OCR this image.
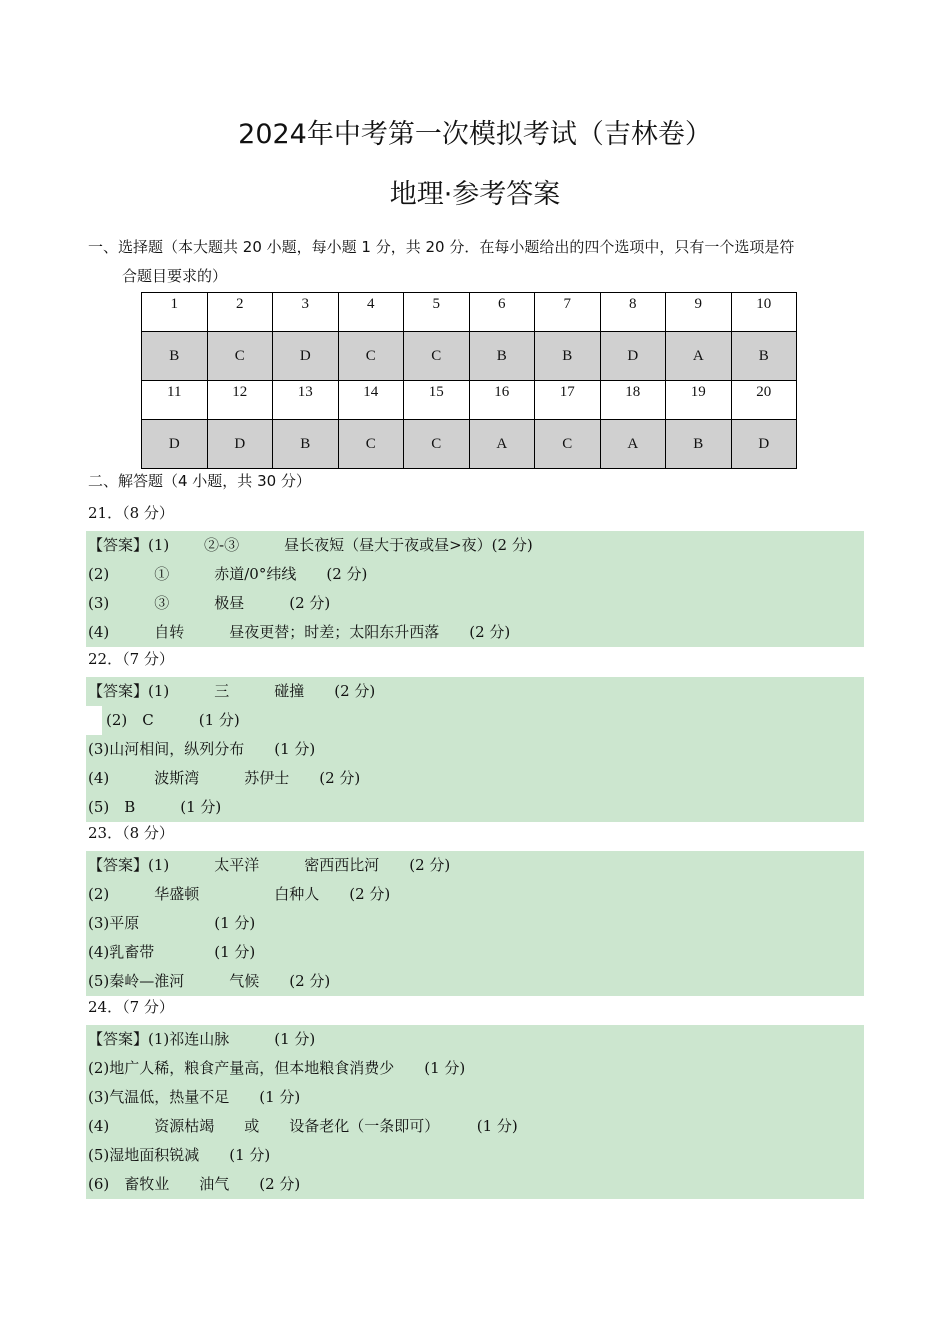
2024年中考第一次模拟考试（吉林卷）
地理·参考答案
一、选择题（本大题共 20 小题，每小题 1 分，共 20 分．在每小题给出的四个选项中，只有一个选项是符
合题目要求的）
1	2	3	4	5	6	7	8	9	10
B	C	D	C	C	B	B	D	A	B
11	12	13	14	15	16	17	18	19	20
D	D	B	C	C	A	C	A	B	D
二、解答题（4 小题，共 30 分）
21．（8 分）
【答案】(1)　　 ②-③　　　昼长夜短（昼大于夜或昼>夜）(2 分)
(2)　　　①　　　赤道/0°纬线　　(2 分)
(3)　　　③　　　极昼　　　(2 分)
(4)　　　自转　　　昼夜更替；时差；太阳东升西落　　(2 分)
22．（7 分）
【答案】(1)　　　三　　　碰撞　　(2 分)
(2)　C　　　(1 分)
(3)山河相间，纵列分布　　(1 分)
(4)　　　波斯湾　　　苏伊士　　(2 分)
(5)　B　　　(1 分)
23．（8 分）
【答案】(1)　　　太平洋　　　密西西比河　　(2 分)
(2)　　　华盛顿　　　　　白种人　　(2 分)
(3)平原　　　　　(1 分)
(4)乳畜带　　　　(1 分)
(5)秦岭—淮河　　　气候　　(2 分)
24．（7 分）
【答案】(1)祁连山脉　　　(1 分)
(2)地广人稀，粮食产量高，但本地粮食消费少　　(1 分)
(3)气温低，热量不足　　(1 分)
(4)　　　资源枯竭　　或　　设备老化（一条即可）　　　(1 分)
(5)湿地面积锐减　　(1 分)
(6)　畜牧业　　油气　　(2 分)
